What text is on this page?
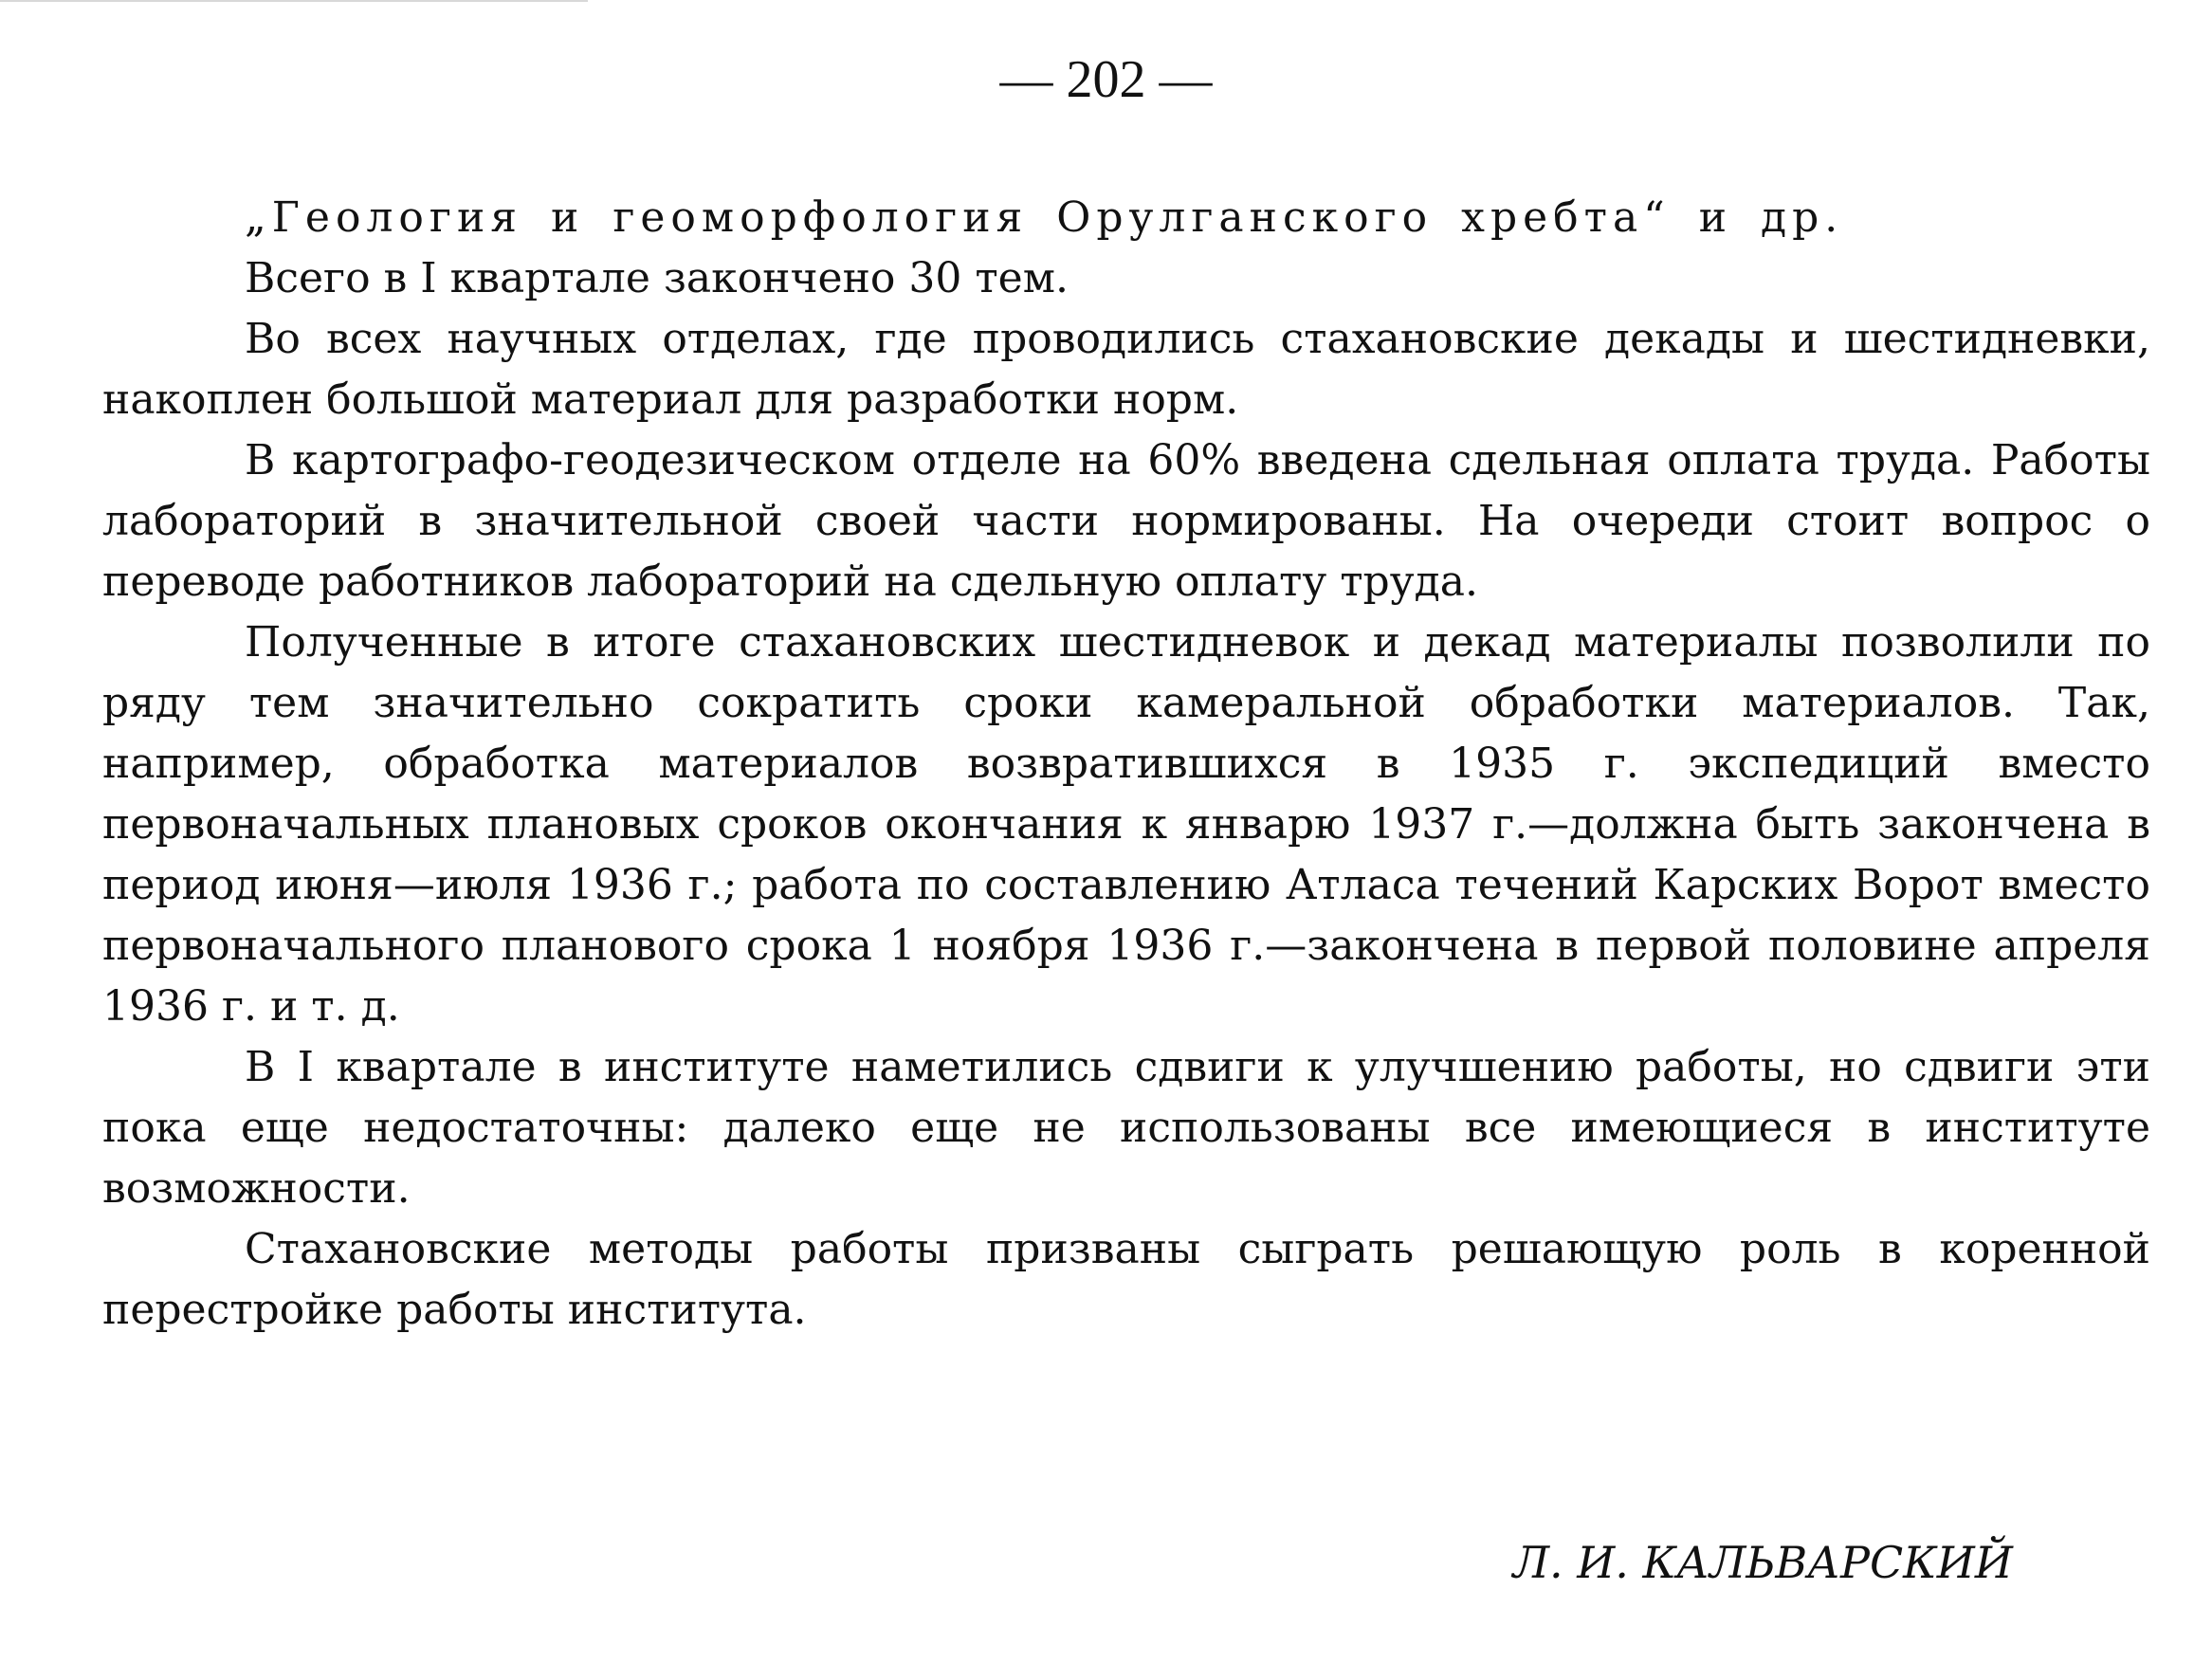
— 202 —

„Геология и геоморфология Орулганского хребта“ и др.

Всего в I квартале закончено 30 тем.

Во всех научных отделах, где проводились стахановские декады и шестидневки, накоплен большой материал для разработки норм.

В картографо-геодезическом отделе на 60% введена сдельная оплата труда. Работы лабораторий в значительной своей части нормированы. На очереди стоит вопрос о переводе работников лабораторий на сдельную оплату труда.

Полученные в итоге стахановских шестидневок и декад материалы позволили по ряду тем значительно сократить сроки камеральной обработки материалов. Так, например, обработка материалов возвратившихся в 1935 г. экспедиций вместо первоначальных плановых сроков окончания к январю 1937 г.—должна быть закончена в период июня—июля 1936 г.; работа по составлению Атласа течений Карских Ворот вместо первоначального планового срока 1 ноября 1936 г.—закончена в первой половине апреля 1936 г. и т. д.

В I квартале в институте наметились сдвиги к улучшению работы, но сдвиги эти пока еще недостаточны: далеко еще не использованы все имеющиеся в институте возможности.

Стахановские методы работы призваны сыграть решающую роль в коренной перестройке работы института.

Л. И. КАЛЬВАРСКИЙ
